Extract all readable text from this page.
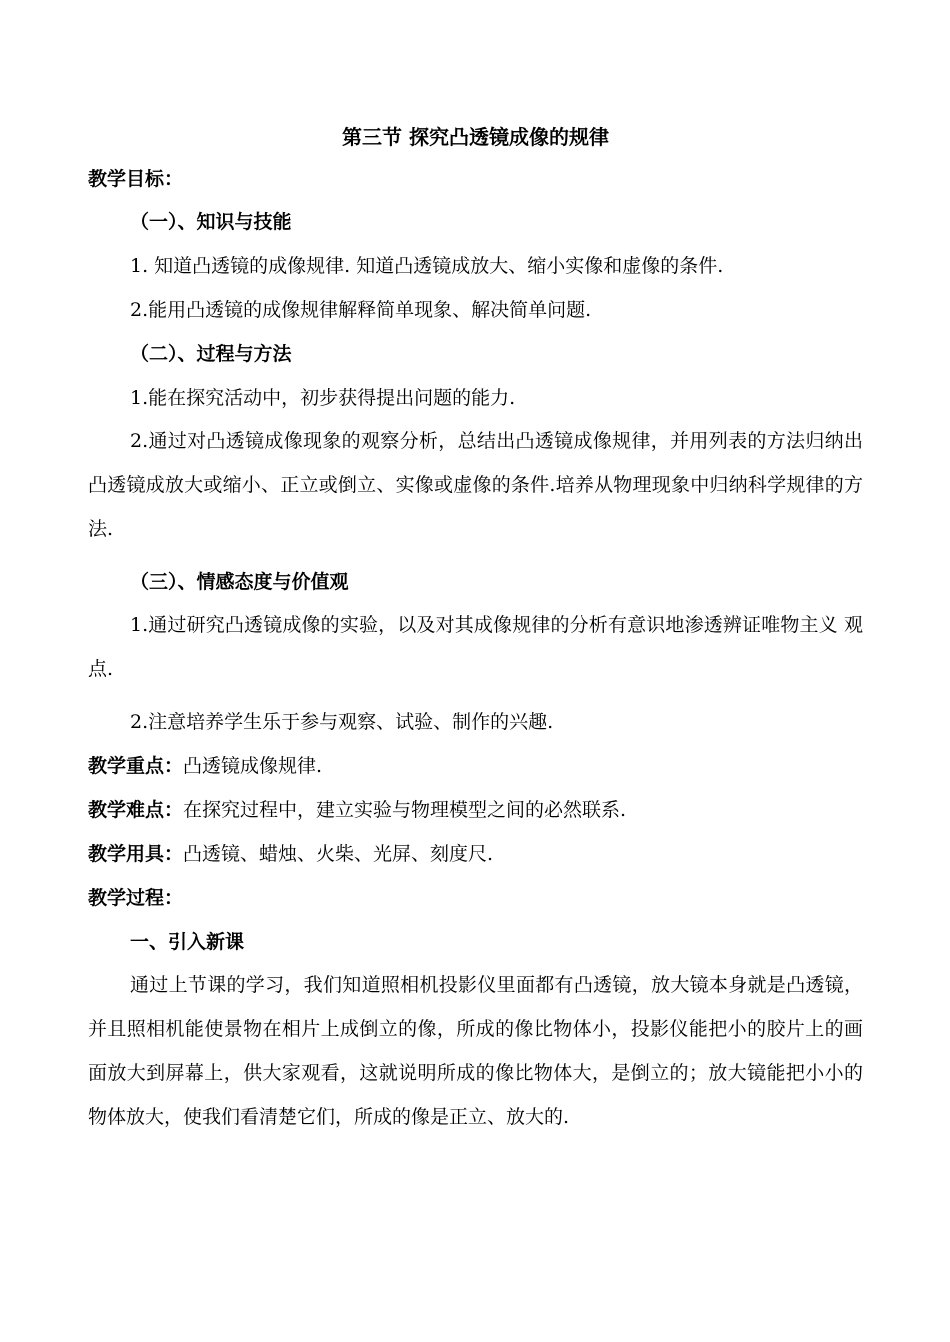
第三节 探究凸透镜成像的规律

教学目标：

（一）、知识与技能

1. 知道凸透镜的成像规律. 知道凸透镜成放大、缩小实像和虚像的条件.

2.能用凸透镜的成像规律解释简单现象、解决简单问题.

（二）、过程与方法

1.能在探究活动中，初步获得提出问题的能力.

2.通过对凸透镜成像现象的观察分析，总结出凸透镜成像规律，并用列表的方法归纳出凸透镜成放大或缩小、正立或倒立、实像或虚像的条件.培养从物理现象中归纳科学规律的方法.

（三）、情感态度与价值观

1.通过研究凸透镜成像的实验，以及对其成像规律的分析有意识地渗透辨证唯物主义 观点.

2.注意培养学生乐于参与观察、试验、制作的兴趣.

教学重点：凸透镜成像规律.

教学难点：在探究过程中，建立实验与物理模型之间的必然联系.

教学用具：凸透镜、蜡烛、火柴、光屏、刻度尺.

教学过程：

一、引入新课

通过上节课的学习，我们知道照相机投影仪里面都有凸透镜，放大镜本身就是凸透镜，并且照相机能使景物在相片上成倒立的像，所成的像比物体小，投影仪能把小的胶片上的画面放大到屏幕上，供大家观看，这就说明所成的像比物体大，是倒立的；放大镜能把小小的物体放大，使我们看清楚它们，所成的像是正立、放大的.
